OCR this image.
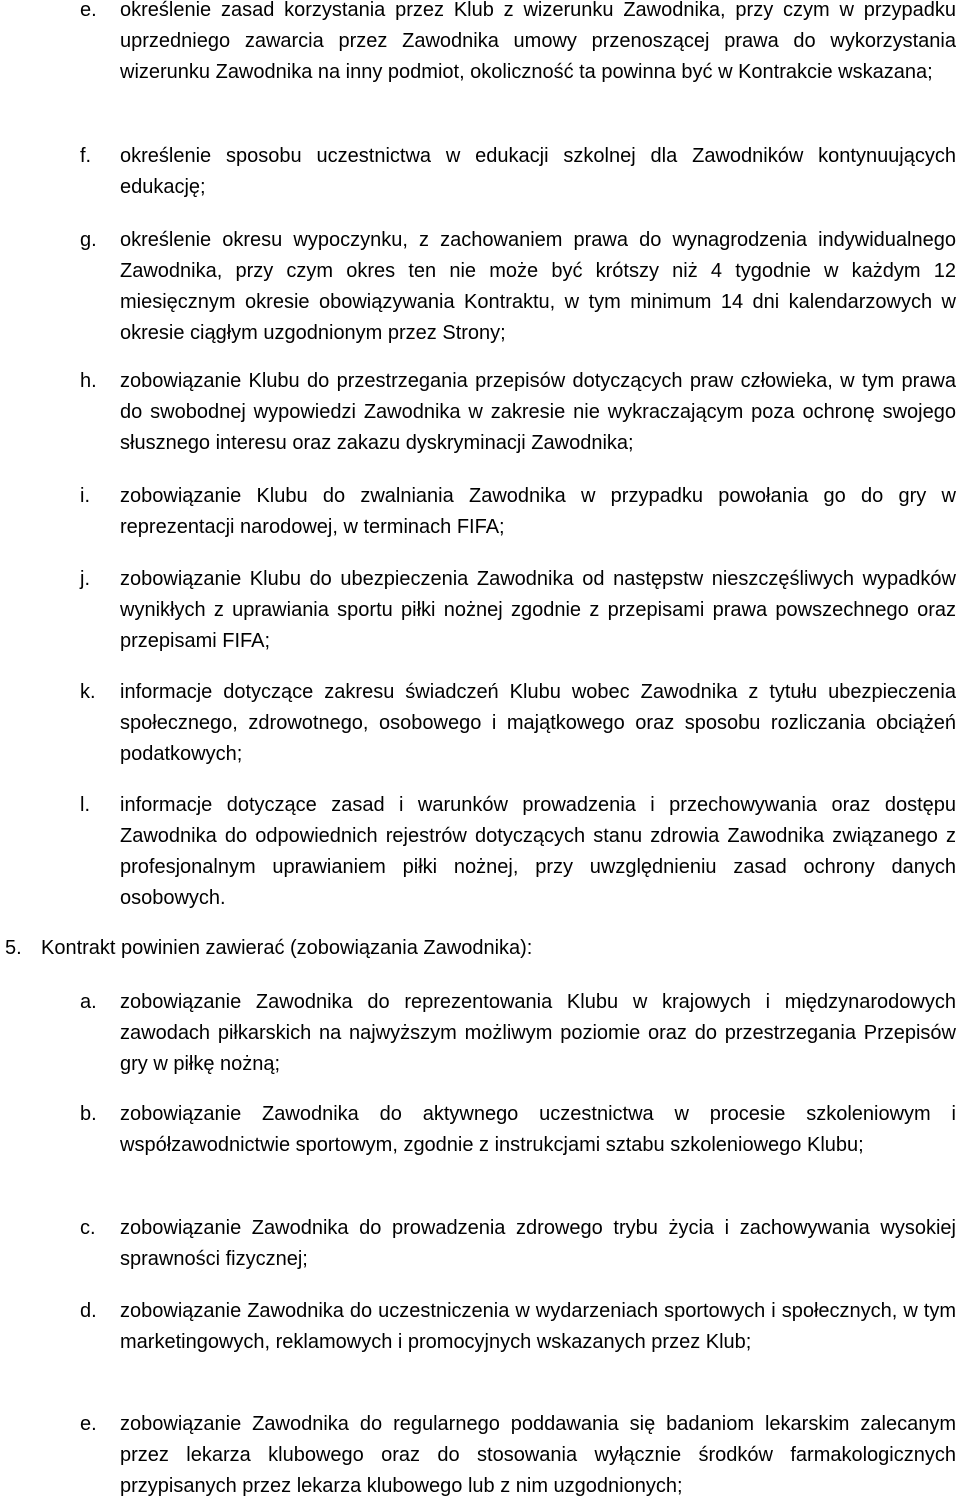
e. określenie zasad korzystania przez Klub z wizerunku Zawodnika, przy czym w przypadku uprzedniego zawarcia przez Zawodnika umowy przenoszącej prawa do wykorzystania wizerunku Zawodnika na inny podmiot, okoliczność ta powinna być w Kontrakcie wskazana;
f. określenie sposobu uczestnictwa w edukacji szkolnej dla Zawodników kontynuujących edukację;
g. określenie okresu wypoczynku, z zachowaniem prawa do wynagrodzenia indywidualnego Zawodnika, przy czym okres ten nie może być krótszy niż 4 tygodnie w każdym 12 miesięcznym okresie obowiązywania Kontraktu, w tym minimum 14 dni kalendarzowych w okresie ciągłym uzgodnionym przez Strony;
h. zobowiązanie Klubu do przestrzegania przepisów dotyczących praw człowieka, w tym prawa do swobodnej wypowiedzi Zawodnika w zakresie nie wykraczającym poza ochronę swojego słusznego interesu oraz zakazu dyskryminacji Zawodnika;
i. zobowiązanie Klubu do zwalniania Zawodnika w przypadku powołania go do gry w reprezentacji narodowej, w terminach FIFA;
j. zobowiązanie Klubu do ubezpieczenia Zawodnika od następstw nieszczęśliwych wypadków wynikłych z uprawiania sportu piłki nożnej zgodnie z przepisami prawa powszechnego oraz przepisami FIFA;
k. informacje dotyczące zakresu świadczeń Klubu wobec Zawodnika z tytułu ubezpieczenia społecznego, zdrowotnego, osobowego i majątkowego oraz sposobu rozliczania obciążeń podatkowych;
l. informacje dotyczące zasad i warunków prowadzenia i przechowywania oraz dostępu Zawodnika do odpowiednich rejestrów dotyczących stanu zdrowia Zawodnika związanego z profesjonalnym uprawianiem piłki nożnej, przy uwzględnieniu zasad ochrony danych osobowych.
5. Kontrakt powinien zawierać (zobowiązania Zawodnika):
a. zobowiązanie Zawodnika do reprezentowania Klubu w krajowych i międzynarodowych zawodach piłkarskich na najwyższym możliwym poziomie oraz do przestrzegania Przepisów gry w piłkę nożną;
b. zobowiązanie Zawodnika do aktywnego uczestnictwa w procesie szkoleniowym i współzawodnictwie sportowym, zgodnie z instrukcjami sztabu szkoleniowego Klubu;
c. zobowiązanie Zawodnika do prowadzenia zdrowego trybu życia i zachowywania wysokiej sprawności fizycznej;
d. zobowiązanie Zawodnika do uczestniczenia w wydarzeniach sportowych i społecznych, w tym marketingowych, reklamowych i promocyjnych wskazanych przez Klub;
e. zobowiązanie Zawodnika do regularnego poddawania się badaniom lekarskim zalecanym przez lekarza klubowego oraz do stosowania wyłącznie środków farmakologicznych przypisanych przez lekarza klubowego lub z nim uzgodnionych;
